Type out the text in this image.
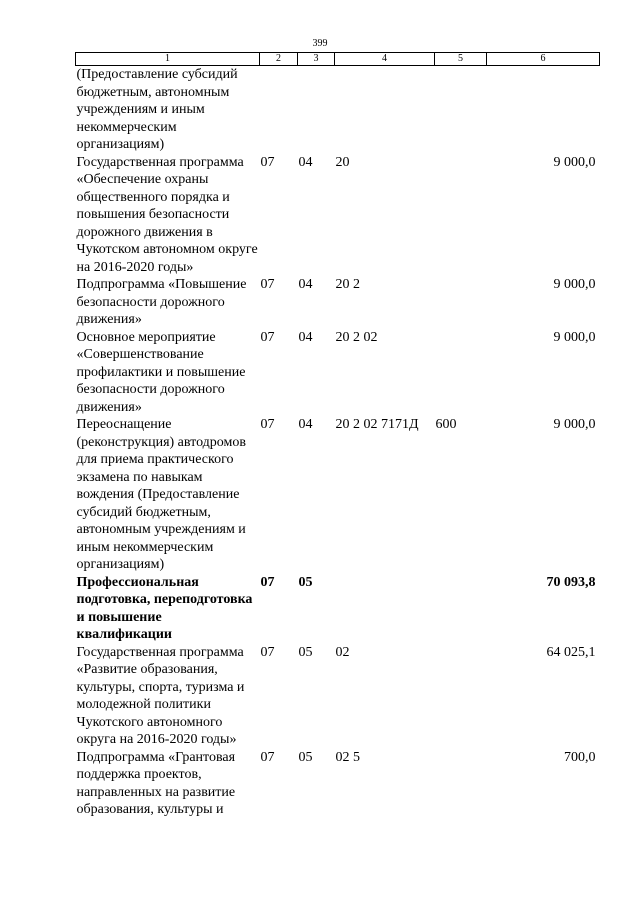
399
1	2	3	4	5	6
(Предоставление субсидий бюджетным, автономным учреждениям и иным некоммерческим организациям)					
Государственная программа «Обеспечение охраны общественного порядка и повышения безопасности дорожного движения в Чукотском автономном округе на 2016-2020 годы»	07	04	20		9 000,0
Подпрограмма «Повышение безопасности дорожного движения»	07	04	20 2		9 000,0
Основное мероприятие «Совершенствование профилактики и повышение безопасности дорожного движения»	07	04	20 2 02		9 000,0
Переоснащение (реконструкция) автодромов для приема практического экзамена по навыкам вождения (Предоставление субсидий бюджетным, автономным учреждениям и иным некоммерческим организациям)	07	04	20 2 02 7171Д	600	9 000,0
Профессиональная подготовка, переподготовка и повышение квалификации	07	05			70 093,8
Государственная программа «Развитие образования, культуры, спорта, туризма и молодежной политики Чукотского автономного округа на 2016-2020 годы»	07	05	02		64 025,1
Подпрограмма «Грантовая поддержка проектов, направленных на развитие образования, культуры и	07	05	02 5		700,0
